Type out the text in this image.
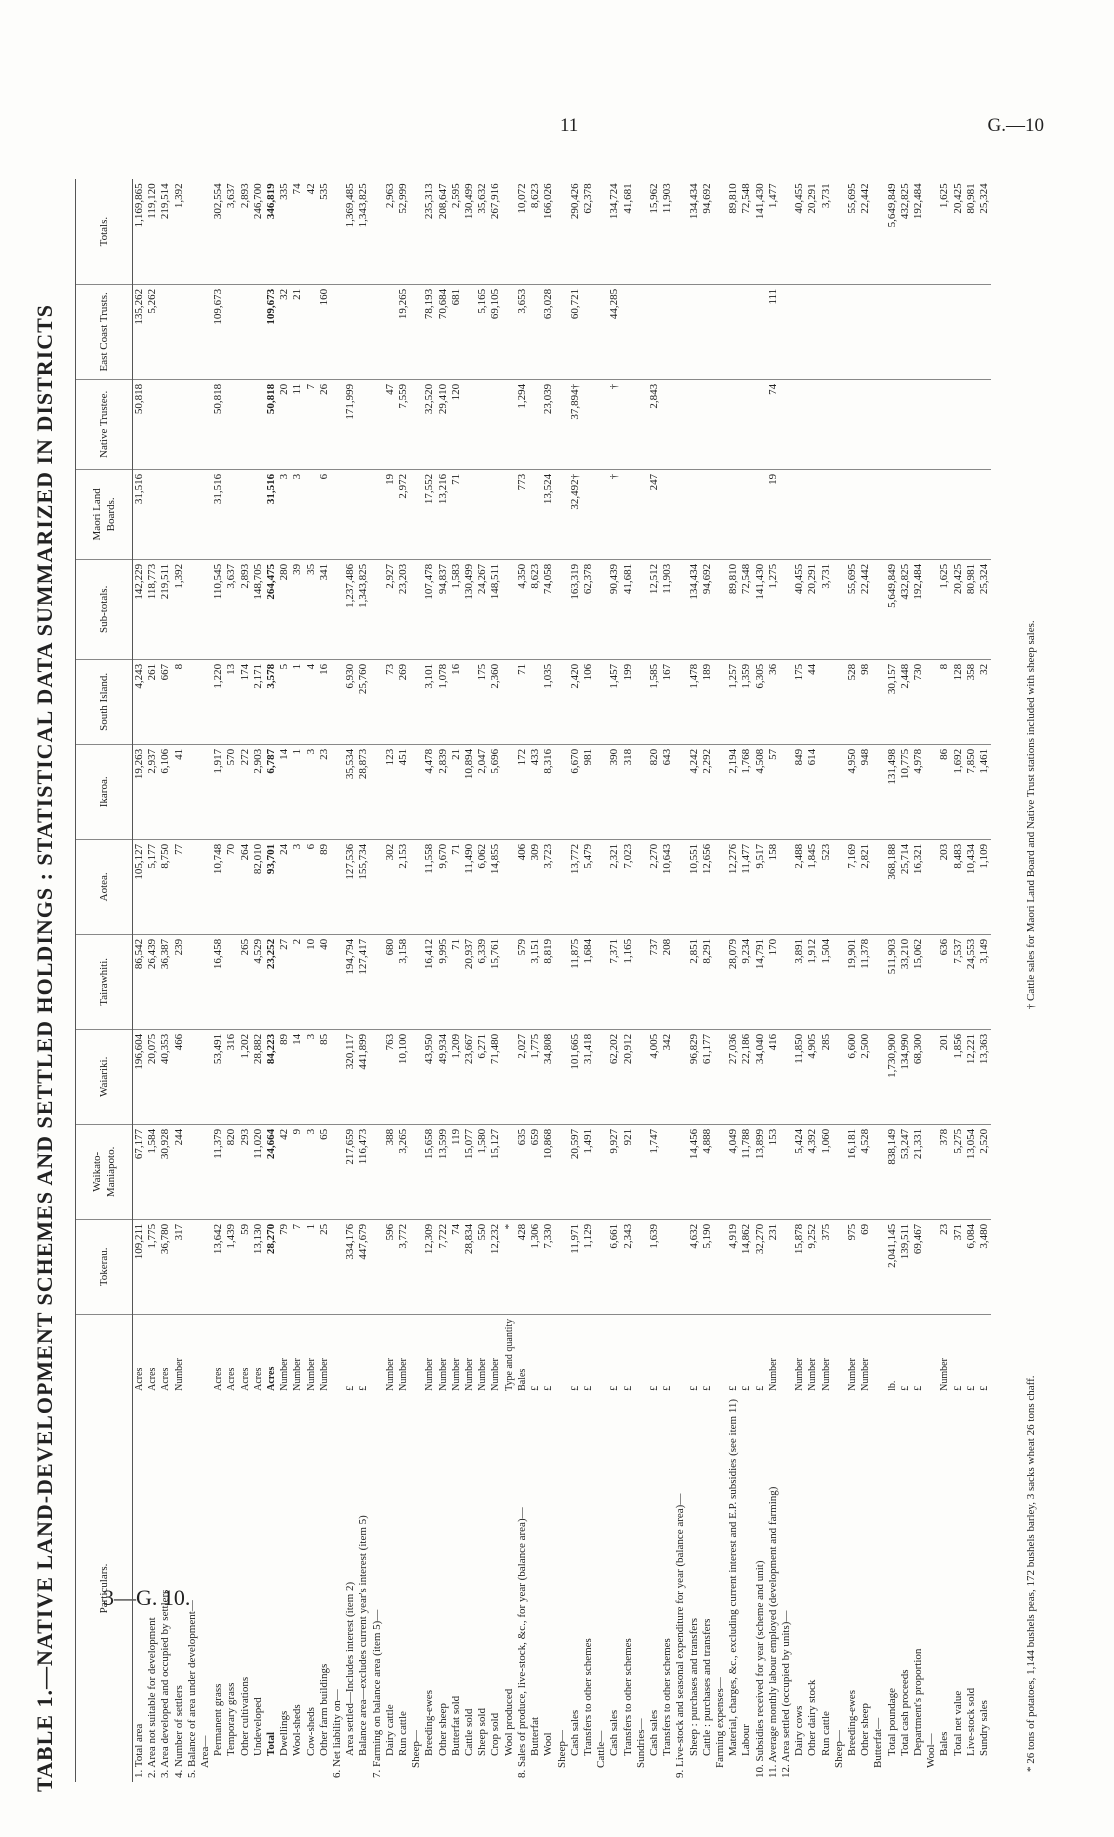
11	G.—10
3—G. 10.
TABLE 1.—NATIVE LAND-DEVELOPMENT SCHEMES AND SETTLED HOLDINGS : STATISTICAL DATA SUMMARIZED IN DISTRICTS	Particulars.		Tokerau.	Waikato-Maniapoto.	Waiariki.	Tairawhiti.	Aotea.	Ikaroa.	South Island.	Sub-totals.	Maori Land Boards.	Native Trustee.	East Coast Trusts.	Totals.
1. Total area	Acres	109,211	67,177	196,604	86,542	105,127	19,263	4,243	142,229	31,516	50,818	135,262	1,169,865
2. Area not suitable for development	Acres	1,775	1,584	20,075	26,439	5,177	2,937	261	118,773			5,262	119,120
3. Area developed and occupied by settlers	Acres	36,780	30,928	40,353	36,387	8,750	6,106	667	219,511				219,514
4. Number of settlers	Number	317	244	466	239	77	41	8	1,392				1,392
5. Balance of area under development—													
Area—													
Permanent grass	Acres	13,642	11,379	53,491	16,458	10,748	1,917	1,220	110,545	31,516	50,818	109,673	302,554
Temporary grass	Acres	1,439	820	316		70	570	13	3,637				3,637
Other cultivations	Acres	59	293	1,202	265	264	272	174	2,893				2,893
Undeveloped	Acres	13,130	11,020	28,882	4,529	82,010	2,903	2,171	148,705				246,700
Total	Acres	28,270	24,664	84,223	23,252	93,701	6,787	3,578	264,475	31,516	50,818	109,673	346,819
Dwellings	Number	79	42	89	27	24	14	5	280	3	20	32	335
Wool-sheds	Number	7	9	14	2	3	1	1	39	3	11	21	74
Cow-sheds	Number	1	3	3	10	6	3	4	35		7		42
Other farm buildings	Number	25	65	85	40	89	23	16	341	6	26	160	535
6. Net liability on—													
Area settled—Includes interest (item 2)	£	334,176	217,659	320,117	194,794	127,536	35,534	6,930	1,237,486		171,999		1,369,485
Balance area—excludes current year's interest (item 5)	£	447,679	116,473	441,899	127,417	155,734	28,873	25,760	1,343,825				1,343,825
7. Farming on balance area (item 5)—													
Dairy cattle	Number	596	388	763	680	302	123	73	2,927	19	47		2,963
Run cattle	Number	3,772	3,265	10,100	3,158	2,153	451	269	23,203	2,972	7,559	19,265	52,999
Sheep—													
Breeding-ewes	Number	12,309	15,658	43,950	16,412	11,558	4,478	3,101	107,478	17,552	32,520	78,193	235,313
Other sheep	Number	7,722	13,599	49,934	9,995	9,670	2,839	1,078	94,837	13,216	29,410	70,684	208,647
Butterfat sold	Number	74	119	1,209	71	71	21	16	1,583	71	120	681	2,595
Cattle sold	Number	28,834	15,077	23,667	20,937	11,490	10,894		130,499				130,499
Sheep sold	Number	550	1,580	6,271	6,339	6,062	2,047	175	24,267			5,165	35,632
Crop sold	Number	12,232	15,127	71,480	15,761	14,855	5,696	2,360	148,511			69,105	267,916
Wool produced	Type and quantity	*											
8. Sales of produce, live-stock, &c., for year (balance area)—	Bales	428	635	2,027	579	406	172	71	4,350	773	1,294	3,653	10,072
Butterfat	£	1,306	659	1,775	3,151	309	433		8,623				8,623
Wool	£	7,330	10,868	34,808	8,819	3,723	8,316	1,035	74,058	13,524	23,039	63,028	166,026
Sheep—													
Cash sales	£	11,971	20,597	101,665	11,875	13,772	6,670	2,420	163,319	32,492†	37,894†	60,721	290,426
Transfers to other schemes	£	1,129	1,491	31,418	1,684	5,479	981	106	62,378				62,378
Cattle—													
Cash sales	£	6,661	9,927	62,202	7,371	2,321	390	1,457	90,439	†	†	44,285	134,724
Transfers to other schemes	£	2,343	921	20,912	1,165	7,023	318	199	41,681				41,681
Sundries—													
Cash sales	£	1,639	1,747	4,005	737	2,270	820	1,585	12,512	247	2,843		15,962
Transfers to other schemes	£			342	208	10,643	643	167	11,903				11,903
9. Live-stock and seasonal expenditure for year (balance area)—													
Sheep : purchases and transfers	£	4,632	14,456	96,829	2,851	10,551	4,242	1,478	134,434				134,434
Cattle : purchases and transfers	£	5,190	4,888	61,177	8,291	12,656	2,292	189	94,692				94,692
Farming expenses—													
Material, charges, &c., excluding current interest and E.P. subsidies (see item 11)	£	4,919	4,049	27,036	28,079	12,276	2,194	1,257	89,810				89,810
Labour	£	14,862	11,788	22,186	9,234	11,477	1,768	1,359	72,548				72,548
10. Subsidies received for year (scheme and unit)	£	32,270	13,899	34,040	14,791	9,517	4,508	6,305	141,430				141,430
11. Average monthly labour employed (development and farming)	Number	231	153	416	170	158	57	36	1,275	19	74	111	1,477
12. Area settled (occupied by units)—													
Dairy cows	Number	15,878	5,424	11,850	3,891	2,488	849	175	40,455				40,455
Other dairy stock	Number	9,252	4,392	4,905	1,912	1,845	614	44	20,291				20,291
Run cattle	Number	375	1,060	285	1,504	523			3,731				3,731
Sheep—													
Breeding-ewes	Number	975	16,181	6,600	19,901	7,169	4,950	528	55,695				55,695
Other sheep	Number	69	4,528	2,500	11,378	2,821	948	98	22,442				22,442
Butterfat—													
Total poundage	lb.	2,041,145	838,149	1,730,900	511,903	368,188	131,498	30,157	5,649,849				5,649,849
Total cash proceeds	£	139,511	53,247	134,990	33,210	25,714	10,775	2,448	432,825				432,825
Department's proportion	£	69,467	21,331	68,300	15,062	16,321	4,978	730	192,484				192,484
Wool—													
Bales	Number	23	378	201	636	203	86	8	1,625				1,625
Total net value	£	371	5,275	1,856	7,537	8,483	1,692	128	20,425				20,425
Live-stock sold	£	6,084	13,054	12,221	24,553	10,434	7,850	358	80,981				80,981
Sundry sales	£	3,480	2,520	13,363	3,149	1,109	1,461	32	25,324				25,324
* 26 tons of potatoes, 1,144 bushels peas, 172 bushels barley, 3 sacks wheat 26 tons chaff. † Cattle sales for Maori Land Board and Native Trust stations included with sheep sales.
